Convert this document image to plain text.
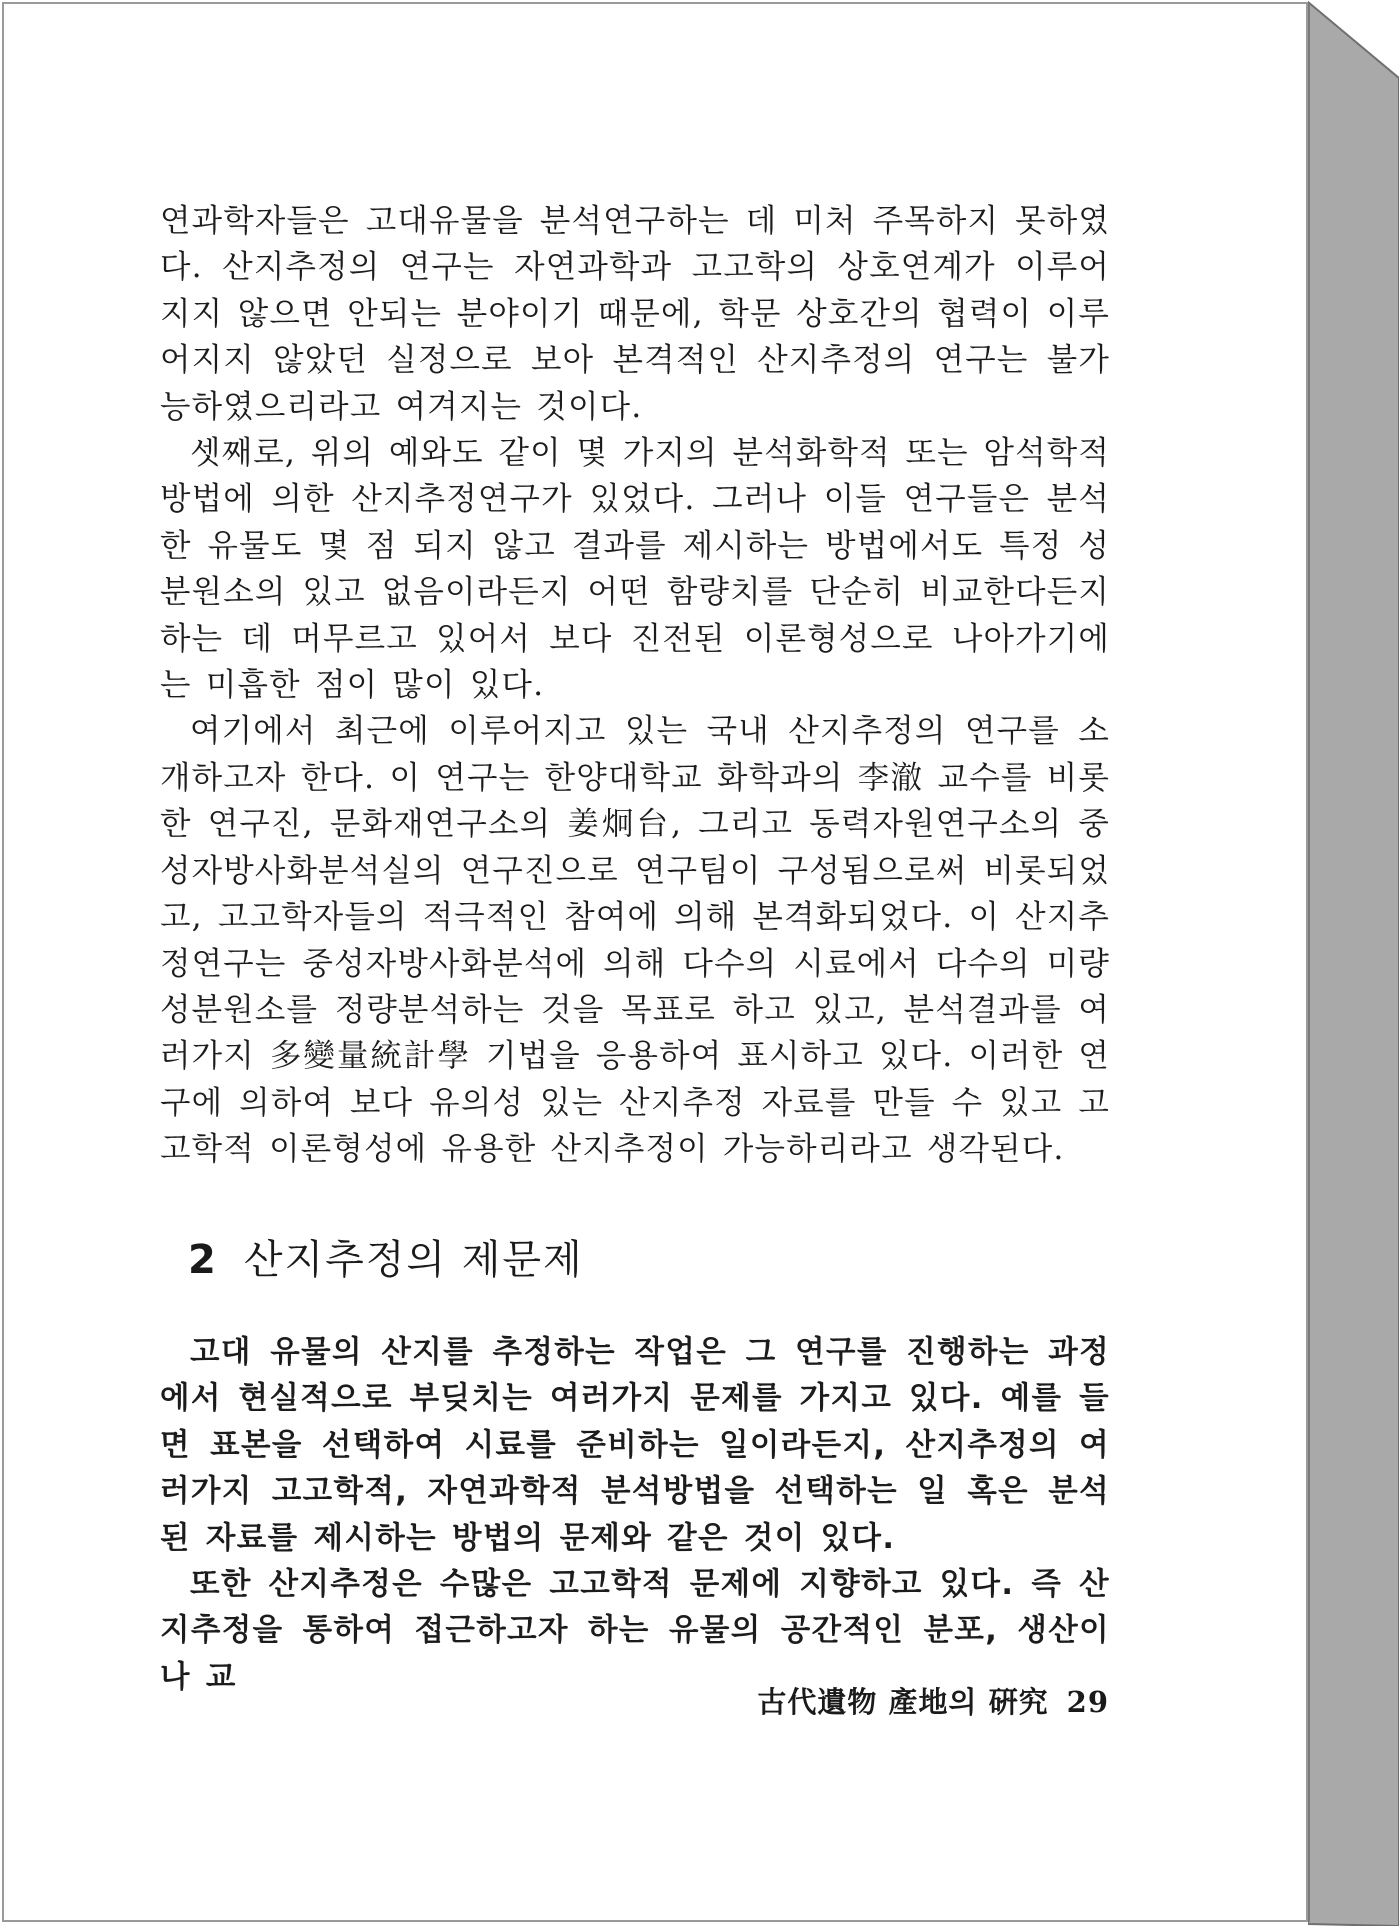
연과학자들은 고대유물을 분석연구하는 데 미처 주목하지 못하였다. 산지추정의 연구는 자연과학과 고고학의 상호연계가 이루어지지 않으면 안되는 분야이기 때문에, 학문 상호간의 협력이 이루어지지 않았던 실정으로 보아 본격적인 산지추정의 연구는 불가능하였으리라고 여겨지는 것이다.

셋째로, 위의 예와도 같이 몇 가지의 분석화학적 또는 암석학적 방법에 의한 산지추정연구가 있었다. 그러나 이들 연구들은 분석한 유물도 몇 점 되지 않고 결과를 제시하는 방법에서도 특정 성분원소의 있고 없음이라든지 어떤 함량치를 단순히 비교한다든지 하는 데 머무르고 있어서 보다 진전된 이론형성으로 나아가기에는 미흡한 점이 많이 있다.

여기에서 최근에 이루어지고 있는 국내 산지추정의 연구를 소개하고자 한다. 이 연구는 한양대학교 화학과의 李澈 교수를 비롯한 연구진, 문화재연구소의 姜炯台, 그리고 동력자원연구소의 중성자방사화분석실의 연구진으로 연구팀이 구성됨으로써 비롯되었고, 고고학자들의 적극적인 참여에 의해 본격화되었다. 이 산지추정연구는 중성자방사화분석에 의해 다수의 시료에서 다수의 미량성분원소를 정량분석하는 것을 목표로 하고 있고, 분석결과를 여러가지 多變量統計學 기법을 응용하여 표시하고 있다. 이러한 연구에 의하여 보다 유의성 있는 산지추정 자료를 만들 수 있고 고고학적 이론형성에 유용한 산지추정이 가능하리라고 생각된다.

2 산지추정의 제문제

고대 유물의 산지를 추정하는 작업은 그 연구를 진행하는 과정에서 현실적으로 부딪치는 여러가지 문제를 가지고 있다. 예를 들면 표본을 선택하여 시료를 준비하는 일이라든지, 산지추정의 여러가지 고고학적, 자연과학적 분석방법을 선택하는 일 혹은 분석된 자료를 제시하는 방법의 문제와 같은 것이 있다.

또한 산지추정은 수많은 고고학적 문제에 지향하고 있다. 즉 산지추정을 통하여 접근하고자 하는 유물의 공간적인 분포, 생산이나 교

古代遺物 產地의 硏究 29
